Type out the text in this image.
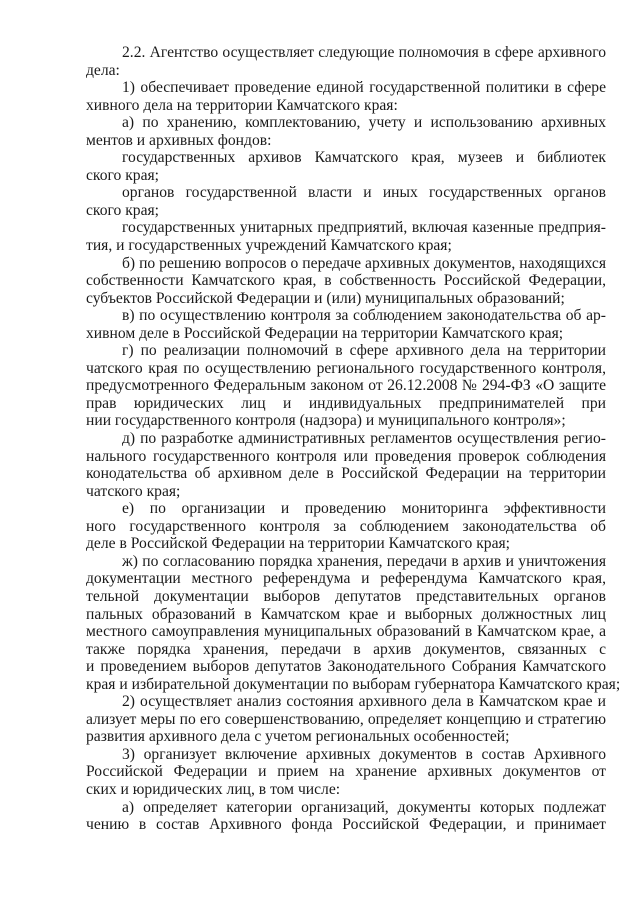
2.2. Агентство осуществляет следующие полномочия в сфере архивного
дела:
1) обеспечивает проведение единой государственной политики в сфере
хивного дела на территории Камчатского края:
а) по хранению, комплектованию, учету и использованию архивных
ментов и архивных фондов:
государственных архивов Камчатского края, музеев и библиотек
ского края;
органов государственной власти и иных государственных органов
ского края;
государственных унитарных предприятий, включая казенные предприя-
тия, и государственных учреждений Камчатского края;
б) по решению вопросов о передаче архивных документов, находящихся
собственности Камчатского края, в собственность Российской Федерации,
субъектов Российской Федерации и (или) муниципальных образований;
в) по осуществлению контроля за соблюдением законодательства об ар-
хивном деле в Российской Федерации на территории Камчатского края;
г) по реализации полномочий в сфере архивного дела на территории
чатского края по осуществлению регионального государственного контроля,
предусмотренного Федеральным законом от 26.12.2008 № 294-ФЗ «О защите
прав юридических лиц и индивидуальных предпринимателей при
нии государственного контроля (надзора) и муниципального контроля»;
д) по разработке административных регламентов осуществления регио-
нального государственного контроля или проведения проверок соблюдения
конодательства об архивном деле в Российской Федерации на территории
чатского края;
е) по организации и проведению мониторинга эффективности
ного государственного контроля за соблюдением законодательства об
деле в Российской Федерации на территории Камчатского края;
ж) по согласованию порядка хранения, передачи в архив и уничтожения
документации местного референдума и референдума Камчатского края,
тельной документации выборов депутатов представительных органов
пальных образований в Камчатском крае и выборных должностных лиц
местного самоуправления муниципальных образований в Камчатском крае, а
также порядка хранения, передачи в архив документов, связанных с
и проведением выборов депутатов Законодательного Собрания Камчатского
края и избирательной документации по выборам губернатора Камчатского края;
2) осуществляет анализ состояния архивного дела в Камчатском крае и
ализует меры по его совершенствованию, определяет концепцию и стратегию
развития архивного дела с учетом региональных особенностей;
3) организует включение архивных документов в состав Архивного
Российской Федерации и прием на хранение архивных документов от
ских и юридических лиц, в том числе:
а) определяет категории организаций, документы которых подлежат
чению в состав Архивного фонда Российской Федерации, и принимает
